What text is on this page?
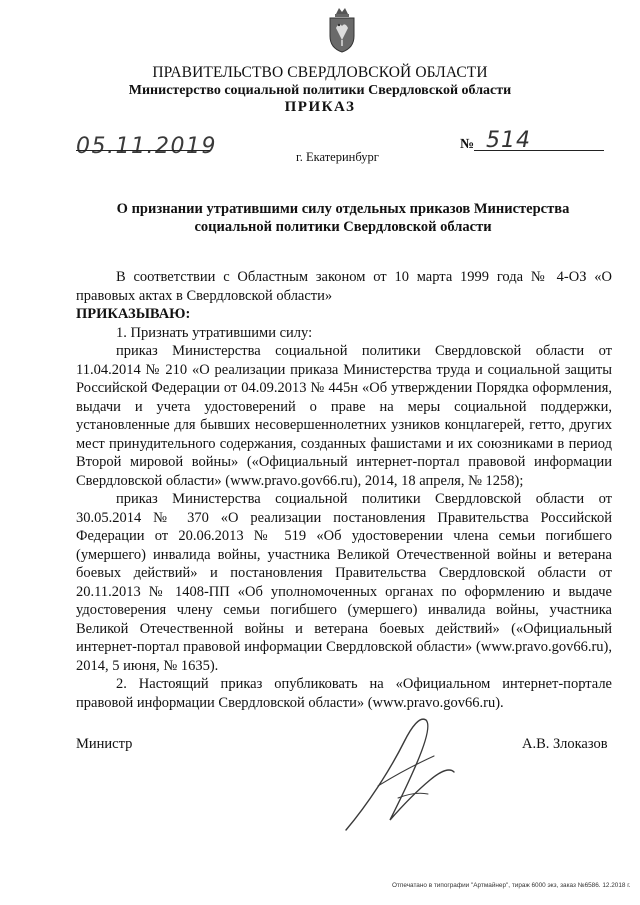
ПРАВИТЕЛЬСТВО СВЕРДЛОВСКОЙ ОБЛАСТИ
Министерство социальной политики Свердловской области
ПРИКАЗ
05.11.2019	№ 514
г. Екатеринбург
О признании утратившими силу отдельных приказов Министерства
социальной политики Свердловской области

В соответствии с Областным законом от 10 марта 1999 года № 4-ОЗ «О правовых актах в Свердловской области»

ПРИКАЗЫВАЮ:

1. Признать утратившими силу:

приказ Министерства социальной политики Свердловской области от 11.04.2014 № 210 «О реализации приказа Министерства труда и социальной защиты Российской Федерации от 04.09.2013 № 445н «Об утверждении Порядка оформления, выдачи и учета удостоверений о праве на меры социальной поддержки, установленные для бывших несовершеннолетних узников концлагерей, гетто, других мест принудительного содержания, созданных фашистами и их союзниками в период Второй мировой войны» («Официальный интернет-портал правовой информации Свердловской области» (www.pravo.gov66.ru), 2014, 18 апреля, № 1258);

приказ Министерства социальной политики Свердловской области от 30.05.2014 № 370 «О реализации постановления Правительства Российской Федерации от 20.06.2013 № 519 «Об удостоверении члена семьи погибшего (умершего) инвалида войны, участника Великой Отечественной войны и ветерана боевых действий» и постановления Правительства Свердловской области от 20.11.2013 № 1408-ПП «Об уполномоченных органах по оформлению и выдаче удостоверения члену семьи погибшего (умершего) инвалида войны, участника Великой Отечественной войны и ветерана боевых действий» («Официальный интернет-портал правовой информации Свердловской области» (www.pravo.gov66.ru), 2014, 5 июня, № 1635).

2. Настоящий приказ опубликовать на «Официальном интернет-портале правовой информации Свердловской области» (www.pravo.gov66.ru).

Министр	А.В. Злоказов
Отпечатано в типографии "Артмайнер", тираж 6000 экз, заказ №6586. 12.2018 г.
